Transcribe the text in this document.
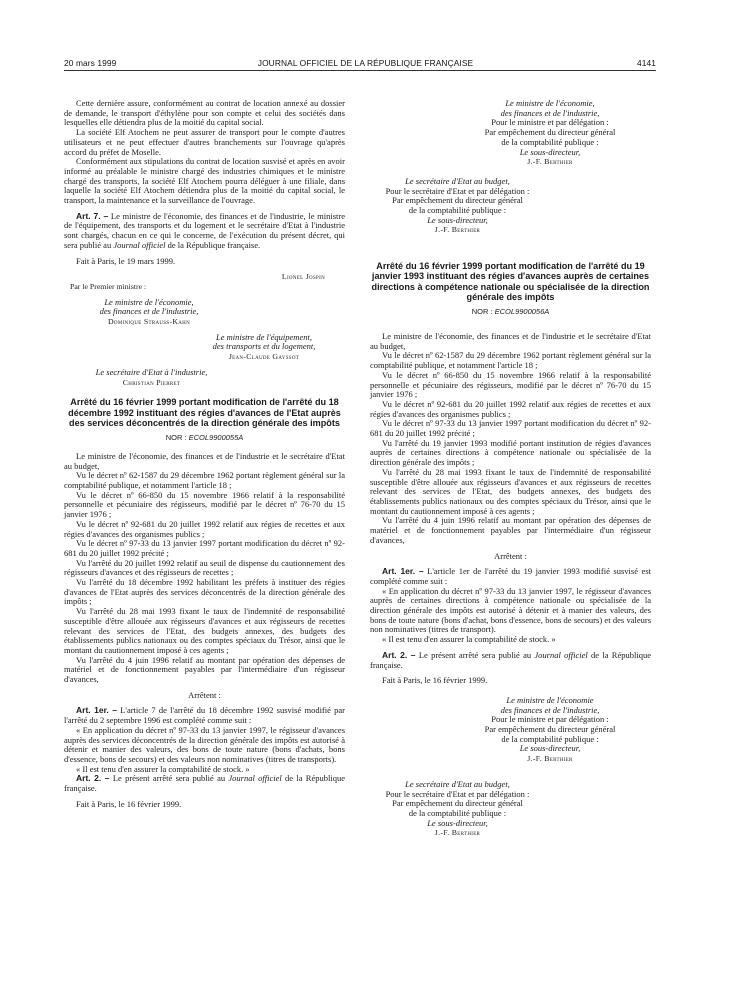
20 mars 1999	JOURNAL OFFICIEL DE LA RÉPUBLIQUE FRANÇAISE	4141

Cette dernière assure, conformément au contrat de location annexé au dossier de demande, le transport d'éthylène pour son compte et celui des sociétés dans lesquelles elle détiendra plus de la moitié du capital social.

La société Elf Atochem ne peut assurer de transport pour le compte d'autres utilisateurs et ne peut effectuer d'autres branchements sur l'ouvrage qu'après accord du préfet de Moselle.

Conformément aux stipulations du contrat de location susvisé et après en avoir informé au préalable le ministre chargé des industries chimiques et le ministre chargé des transports, la société Elf Atochem pourra déléguer à une filiale, dans laquelle la société Elf Atochem détiendra plus de la moitié du capital social, le transport, la maintenance et la surveillance de l'ouvrage.

Art. 7. – Le ministre de l'économie, des finances et de l'industrie, le ministre de l'équipement, des transports et du logement et le secrétaire d'Etat à l'industrie sont chargés, chacun en ce qui le concerne, de l'exécution du présent décret, qui sera publié au Journal officiel de la République française.

Fait à Paris, le 19 mars 1999.

Lionel Jospin
Par le Premier ministre :
Le ministre de l'économie,
des finances et de l'industrie,
Dominique Strauss-Kahn
Le ministre de l'équipement,
des transports et du logement,
Jean-Claude Gayssot
Le secrétaire d'Etat à l'industrie,
Christian Pierret

Arrêté du 16 février 1999 portant modification de l'arrêté du 18 décembre 1992 instituant des régies d'avances de l'Etat auprès des services déconcentrés de la direction générale des impôts

NOR : ECOL9900055A

Le ministre de l'économie, des finances et de l'industrie et le secrétaire d'Etat au budget,

Vu le décret nº 62-1587 du 29 décembre 1962 portant règlement général sur la comptabilité publique, et notamment l'article 18 ;

Vu le décret nº 66-850 du 15 novembre 1966 relatif à la responsabilité personnelle et pécuniaire des régisseurs, modifié par le décret nº 76-70 du 15 janvier 1976 ;

Vu le décret nº 92-681 du 20 juillet 1992 relatif aux régies de recettes et aux régies d'avances des organismes publics ;

Vu le décret nº 97-33 du 13 janvier 1997 portant modification du décret nº 92-681 du 20 juillet 1992 précité ;

Vu l'arrêté du 20 juillet 1992 relatif au seuil de dispense du cautionnement des régisseurs d'avances et des régisseurs de recettes ;

Vu l'arrêté du 18 décembre 1992 habilitant les préfets à instituer des régies d'avances de l'Etat auprès des services déconcentrés de la direction générale des impôts ;

Vu l'arrêté du 28 mai 1993 fixant le taux de l'indemnité de responsabilité susceptible d'être allouée aux régisseurs d'avances et aux régisseurs de recettes relevant des services de l'Etat, des budgets annexes, des budgets des établissements publics nationaux ou des comptes spéciaux du Trésor, ainsi que le montant du cautionnement imposé à ces agents ;

Vu l'arrêté du 4 juin 1996 relatif au montant par opération des dépenses de matériel et de fonctionnement payables par l'intermédiaire d'un régisseur d'avances,

Arrêtent :

Art. 1er. – L'article 7 de l'arrêté du 18 décembre 1992 susvisé modifié par l'arrêté du 2 septembre 1996 est complété comme suit :

« En application du décret nº 97-33 du 13 janvier 1997, le régisseur d'avances auprès des services déconcentrés de la direction générale des impôts est autorisé à détenir et manier des valeurs, des bons de toute nature (bons d'achats, bons d'essence, bons de secours) et des valeurs non nominatives (titres de transports).

« Il est tenu d'en assurer la comptabilité de stock. »

Art. 2. – Le présent arrêté sera publié au Journal officiel de la République française.

Fait à Paris, le 16 février 1999.

Le ministre de l'économie,
des finances et de l'industrie,
Pour le ministre et par délégation :
Par empêchement du directeur général
de la comptabilité publique :
Le sous-directeur,
J.-F. Berthier
Le secrétaire d'Etat au budget,
Pour le secrétaire d'Etat et par délégation :
Par empêchement du directeur général
de la comptabilité publique :
Le sous-directeur,
J.-F. Berthier

Arrêté du 16 février 1999 portant modification de l'arrêté du 19 janvier 1993 instituant des régies d'avances auprès de certaines directions à compétence nationale ou spécialisée de la direction générale des impôts

NOR : ECOL9900056A

Le ministre de l'économie, des finances et de l'industrie et le secrétaire d'Etat au budget,

Vu le décret nº 62-1587 du 29 décembre 1962 portant règlement général sur la comptabilité publique, et notamment l'article 18 ;

Vu le décret nº 66-850 du 15 novembre 1966 relatif à la responsabilité personnelle et pécuniaire des régisseurs, modifié par le décret nº 76-70 du 15 janvier 1976 ;

Vu le décret nº 92-681 du 20 juillet 1992 relatif aux régies de recettes et aux régies d'avances des organismes publics ;

Vu le décret nº 97-33 du 13 janvier 1997 portant modification du décret nº 92-681 du 20 juillet 1992 précité ;

Vu l'arrêté du 19 janvier 1993 modifié portant institution de régies d'avances auprès de certaines directions à compétence nationale ou spécialisée de la direction générale des impôts ;

Vu l'arrêté du 28 mai 1993 fixant le taux de l'indemnité de responsabilité susceptible d'être allouée aux régisseurs d'avances et aux régisseurs de recettes relevant des services de l'Etat, des budgets annexes, des budgets des établissements publics nationaux ou des comptes spéciaux du Trésor, ainsi que le montant du cautionnement imposé à ces agents ;

Vu l'arrêté du 4 juin 1996 relatif au montant par opération des dépenses de matériel et de fonctionnement payables par l'intermédiaire d'un régisseur d'avances,

Arrêtent :

Art. 1er. – L'article 1er de l'arrêté du 19 janvier 1993 modifié susvisé est complété comme suit :

« En application du décret nº 97-33 du 13 janvier 1997, le régisseur d'avances auprès de certaines directions à compétence nationale ou spécialisée de la direction générale des impôts est autorisé à détenir et à manier des valeurs, des bons de toute nature (bons d'achat, bons d'essence, bons de secours) et des valeurs non nominatives (titres de transport).

« Il est tenu d'en assurer la comptabilité de stock. »

Art. 2. – Le présent arrêté sera publié au Journal officiel de la République française.

Fait à Paris, le 16 février 1999.

Le ministre de l'économie
des finances et de l'industrie,
Pour le ministre et par délégation :
Par empêchement du directeur général
de la comptabilité publique :
Le sous-directeur,
J.-F. Berthier
Le secrétaire d'Etat au budget,
Pour le secrétaire d'Etat et par délégation :
Par empêchement du directeur général
de la comptabilité publique :
Le sous-directeur,
J.-F. Berthier
